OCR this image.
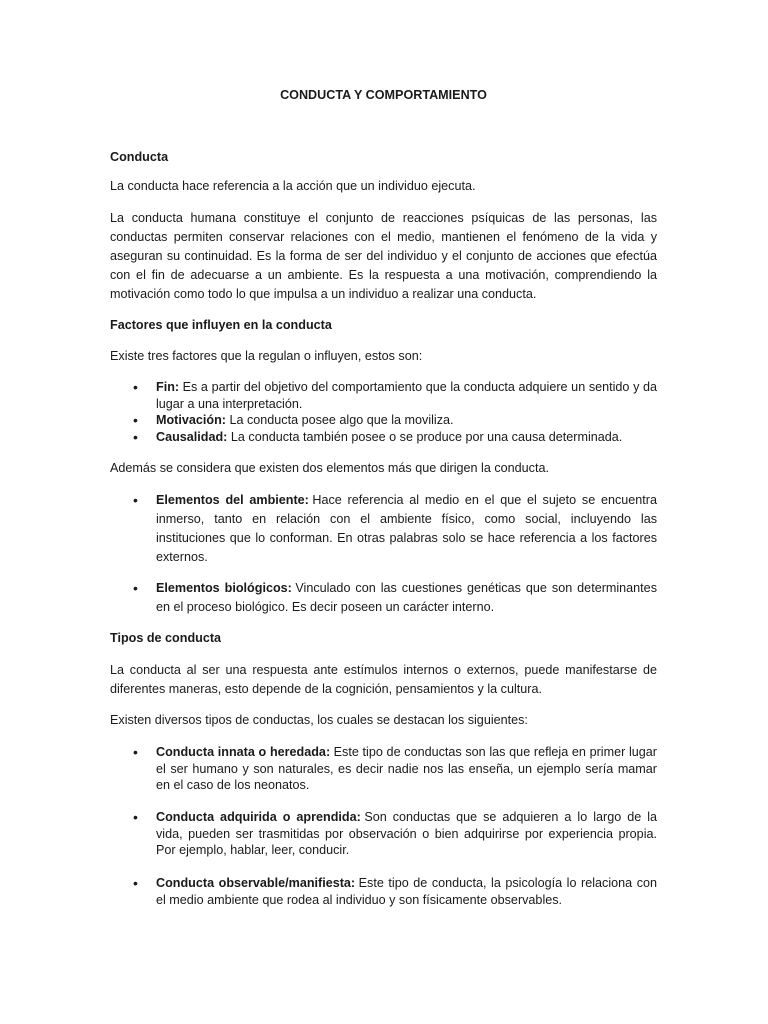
CONDUCTA Y COMPORTAMIENTO
Conducta

La conducta hace referencia a la acción que un individuo ejecuta.

La conducta humana constituye el conjunto de reacciones psíquicas de las personas, las conductas permiten conservar relaciones con el medio, mantienen el fenómeno de la vida y aseguran su continuidad. Es la forma de ser del individuo y el conjunto de acciones que efectúa con el fin de adecuarse a un ambiente. Es la respuesta a una motivación, comprendiendo la motivación como todo lo que impulsa a un individuo a realizar una conducta.

Factores que influyen en la conducta

Existe tres factores que la regulan o influyen, estos son:

•
Fin: Es a partir del objetivo del comportamiento que la conducta adquiere un sentido y da lugar a una interpretación.
•
Motivación: La conducta posee algo que la moviliza.
•
Causalidad: La conducta también posee o se produce por una causa determinada.

Además se considera que existen dos elementos más que dirigen la conducta.

•
Elementos del ambiente: Hace referencia al medio en el que el sujeto se encuentra inmerso, tanto en relación con el ambiente físico, como social, incluyendo las instituciones que lo conforman. En otras palabras solo se hace referencia a los factores externos.
•
Elementos biológicos: Vinculado con las cuestiones genéticas que son determinantes en el proceso biológico. Es decir poseen un carácter interno.
Tipos de conducta

La conducta al ser una respuesta ante estímulos internos o externos, puede manifestarse de diferentes maneras, esto depende de la cognición, pensamientos y la cultura.

Existen diversos tipos de conductas, los cuales se destacan los siguientes:

•
Conducta innata o heredada: Este tipo de conductas son las que refleja en primer lugar el ser humano y son naturales, es decir nadie nos las enseña, un ejemplo sería mamar en el caso de los neonatos.
•
Conducta adquirida o aprendida: Son conductas que se adquieren a lo largo de la vida, pueden ser trasmitidas por observación o bien adquirirse por experiencia propia. Por ejemplo, hablar, leer, conducir.
•
Conducta observable/manifiesta: Este tipo de conducta, la psicología lo relaciona con el medio ambiente que rodea al individuo y son físicamente observables.
